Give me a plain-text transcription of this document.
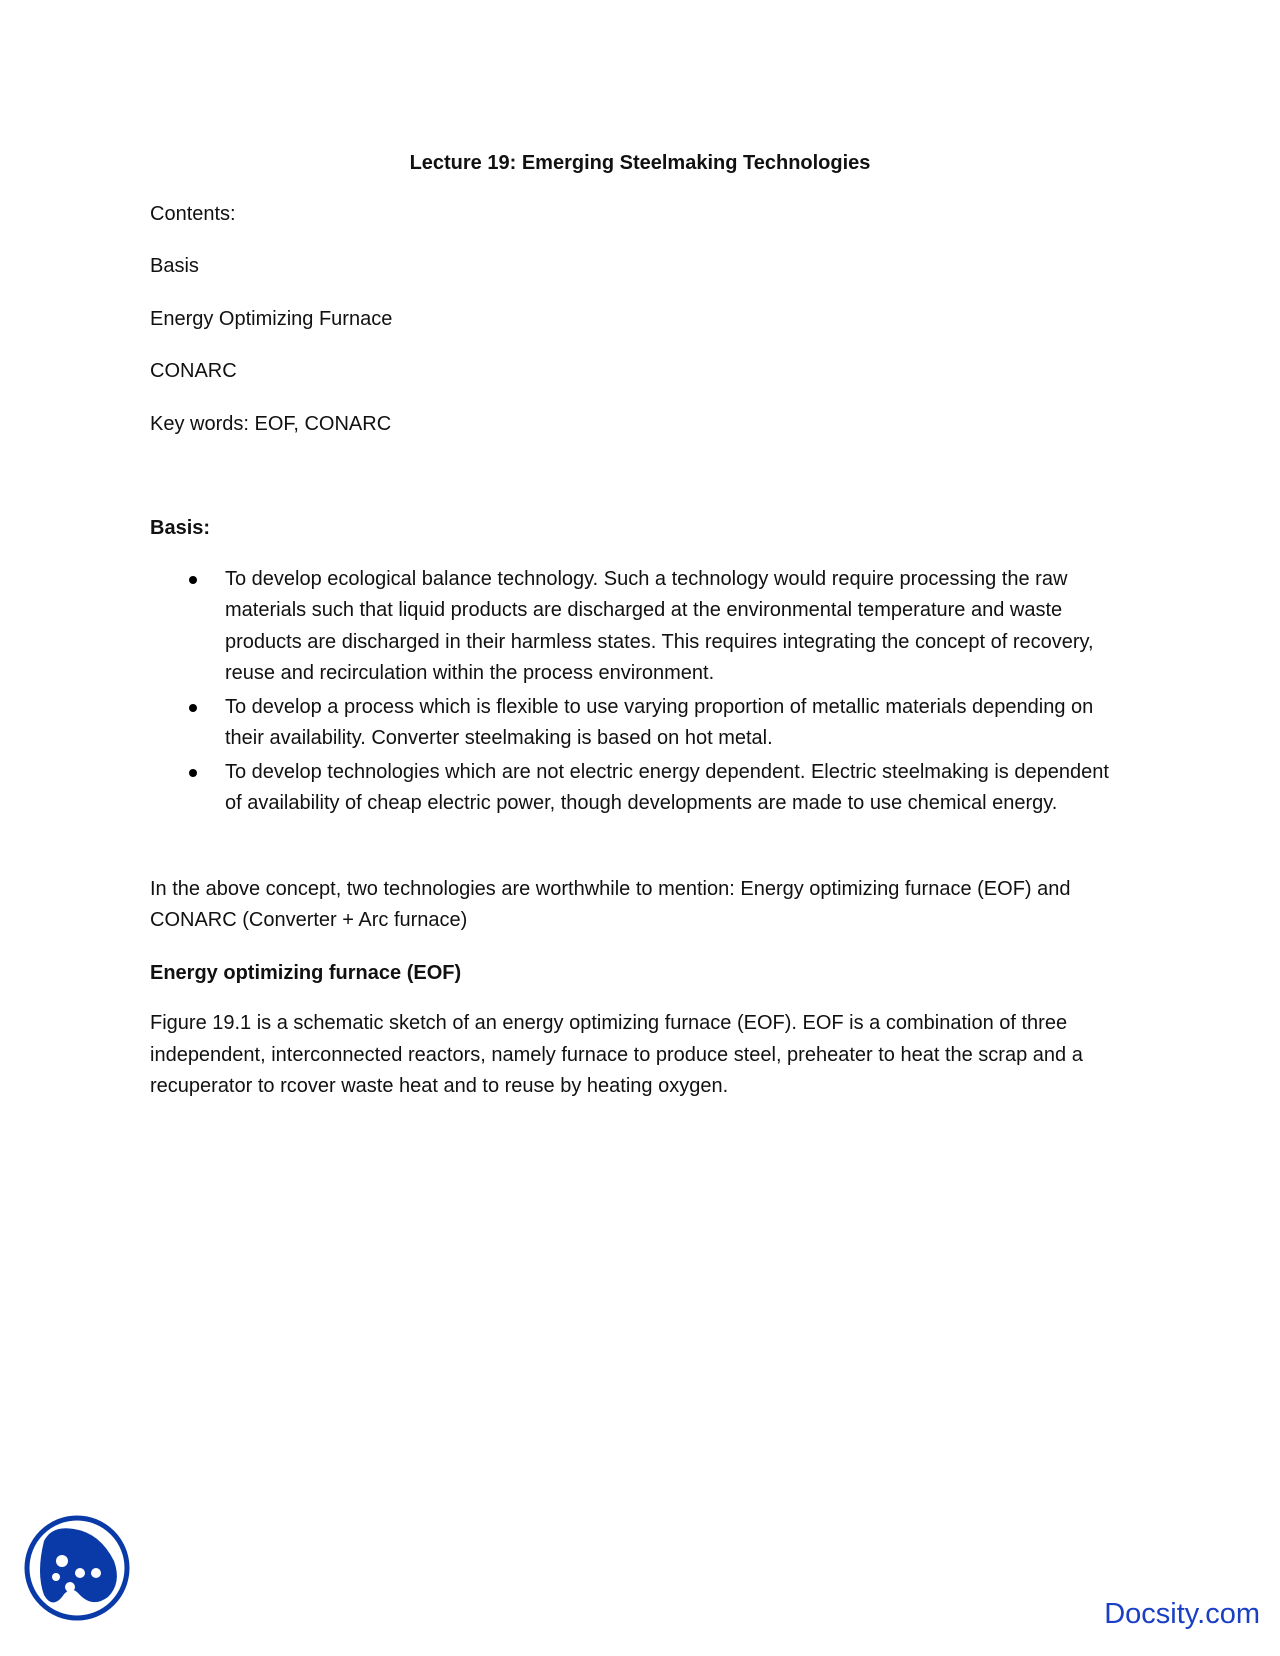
Lecture 19: Emerging Steelmaking Technologies
Contents:
Basis
Energy Optimizing Furnace
CONARC
Key words: EOF, CONARC
Basis:
To develop ecological balance technology. Such a technology would require processing the raw materials such that liquid products are discharged at the environmental temperature and waste products are discharged in their harmless states. This requires integrating the concept of recovery, reuse and recirculation within the process environment.
To develop a process which is flexible to use varying proportion of metallic materials depending on their availability. Converter steelmaking is based on hot metal.
To develop technologies which are not electric energy dependent. Electric steelmaking is dependent of availability of cheap electric power, though developments are made to use chemical energy.
In the above concept, two technologies are worthwhile to mention: Energy optimizing furnace (EOF) and CONARC (Converter + Arc furnace)
Energy optimizing furnace (EOF)
Figure 19.1 is a schematic sketch of an energy optimizing furnace (EOF). EOF is a combination of three independent, interconnected reactors, namely furnace to produce steel, preheater to heat the scrap and a recuperator to rcover waste heat and to reuse by heating oxygen.
Docsity.com
